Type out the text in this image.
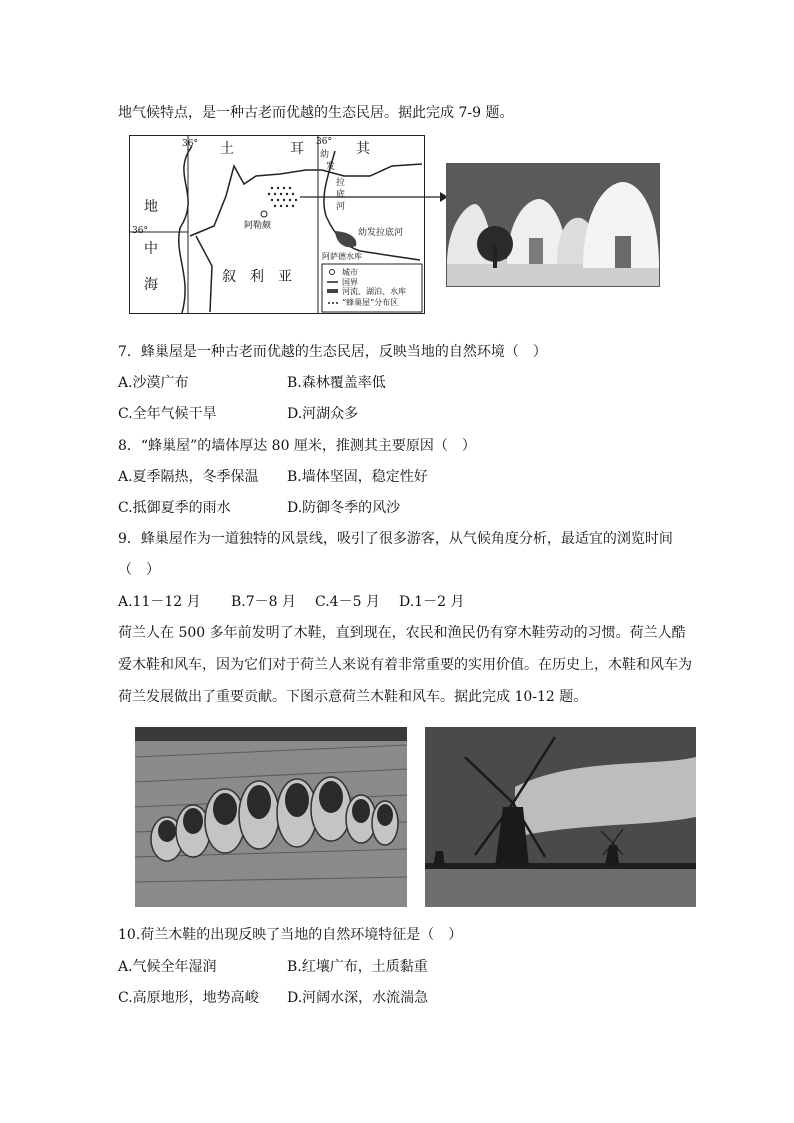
地气候特点，是一种古老而优越的生态民居。据此完成 7-9 题。
36°	36°
36°
土	耳	其
地
中
海	叙　利　亚
阿勒颇
幼
发
拉
底
河
幼发拉底河
阿萨德水库
城市
国界
河流、湖泊、水库
“蜂巢屋”分布区
7．蜂巢屋是一种古老而优越的生态民居，反映当地的自然环境（　）
A.沙漠广布	B.森林覆盖率低
C.全年气候干旱	D.河湖众多
8．“蜂巢屋”的墙体厚达 80 厘米，推测其主要原因（　）
A.夏季隔热，冬季保温 B.墙体坚固，稳定性好
C.抵御夏季的雨水	D.防御冬季的风沙
9．蜂巢屋作为一道独特的风景线，吸引了很多游客，从气候角度分析，最适宜的浏览时间
（　）
A.11－12 月 B.7－8 月 C.4－5 月 D.1－2 月
荷兰人在 500 多年前发明了木鞋，直到现在，农民和渔民仍有穿木鞋劳动的习惯。荷兰人酷爱木鞋和风车，因为它们对于荷兰人来说有着非常重要的实用价值。在历史上，木鞋和风车为荷兰发展做出了重要贡献。下图示意荷兰木鞋和风车。据此完成 10-12 题。
10.荷兰木鞋的出现反映了当地的自然环境特征是（　）
A.气候全年湿润	B.红壤广布，土质黏重
C.高原地形，地势高峻 D.河阔水深，水流湍急
